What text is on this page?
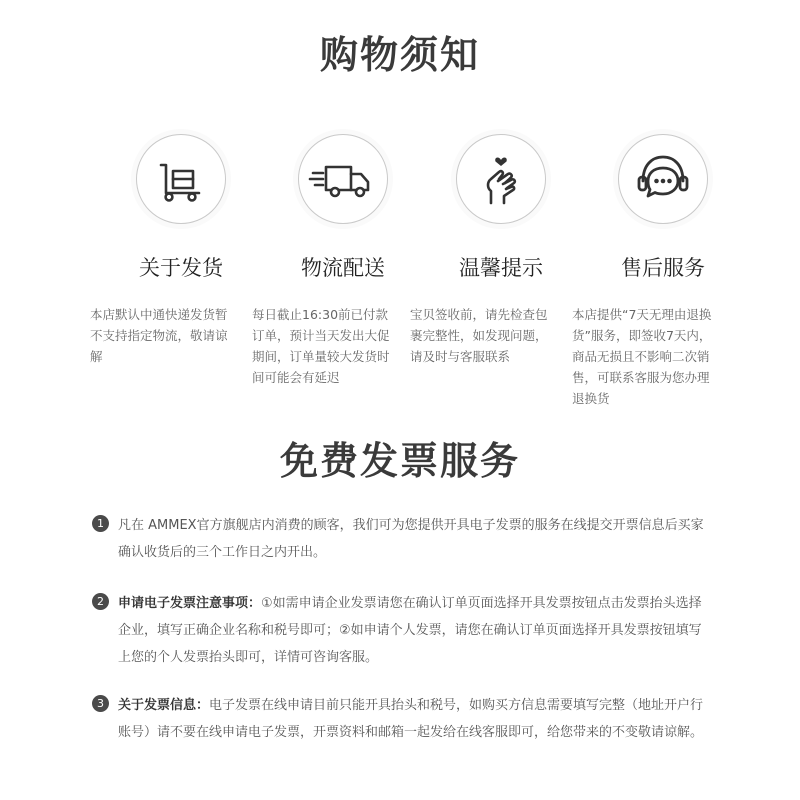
购物须知
关于发货
本店默认中通快递发货暂不支持指定物流，敬请谅解
物流配送
每日截止16:30前已付款订单，预计当天发出大促期间，订单量较大发货时间可能会有延迟
温馨提示
宝贝签收前，请先检查包裹完整性，如发现问题，请及时与客服联系
售后服务
本店提供“7天无理由退换货”服务，即签收7天内，商品无损且不影响二次销售，可联系客服为您办理退换货
免费发票服务
1	凡在 AMMEX官方旗舰店内消费的顾客，我们可为您提供开具电子发票的服务在线提交开票信息后买家确认收货后的三个工作日之内开出。
2	申请电子发票注意事项：①如需申请企业发票请您在确认订单页面选择开具发票按钮点击发票抬头选择企业，填写正确企业名称和税号即可；②如申请个人发票，请您在确认订单页面选择开具发票按钮填写上您的个人发票抬头即可，详情可咨询客服。
3	关于发票信息：电子发票在线申请目前只能开具抬头和税号，如购买方信息需要填写完整（地址开户行账号）请不要在线申请电子发票，开票资料和邮箱一起发给在线客服即可，给您带来的不变敬请谅解。
